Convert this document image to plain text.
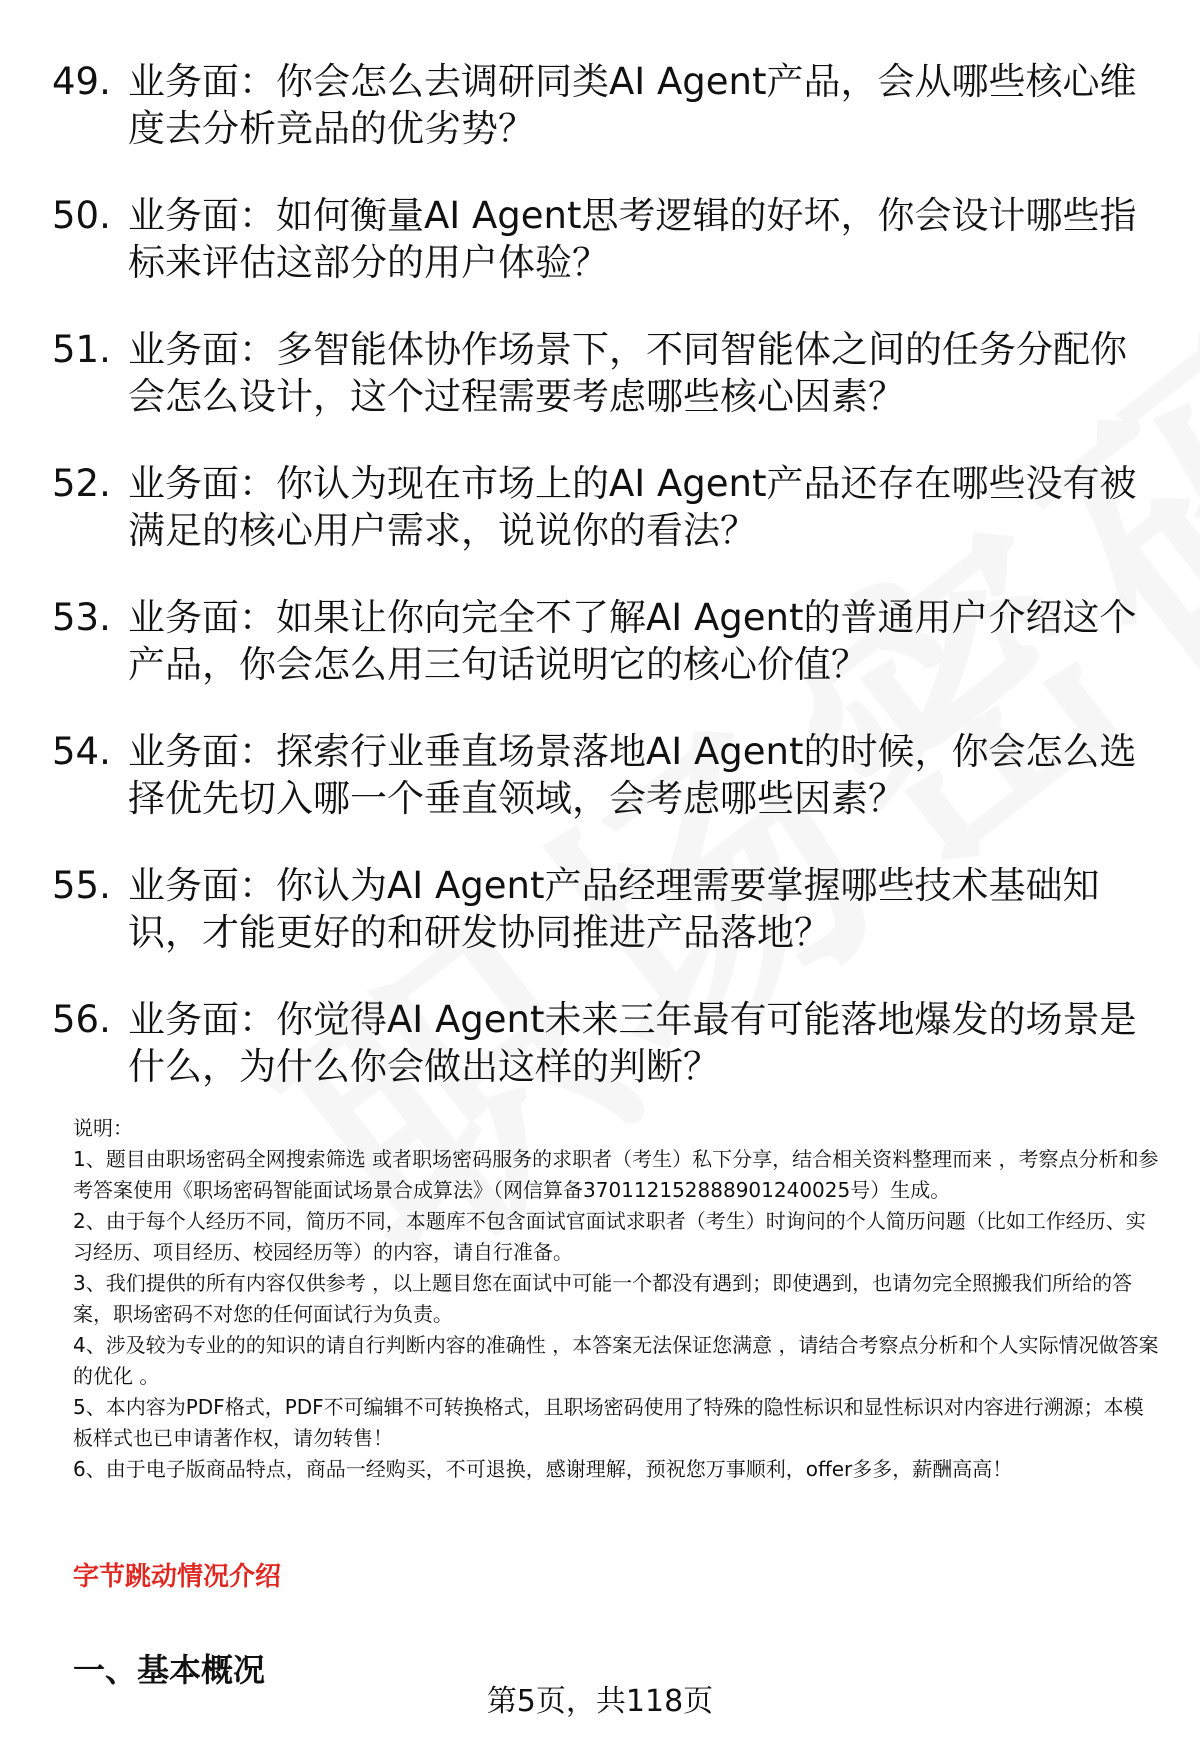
49. 业务面：你会怎么去调研同类AI Agent产品，会从哪些核心维度去分析竞品的优劣势？
50. 业务面：如何衡量AI Agent思考逻辑的好坏，你会设计哪些指标来评估这部分的用户体验？
51. 业务面：多智能体协作场景下，不同智能体之间的任务分配你会怎么设计，这个过程需要考虑哪些核心因素？
52. 业务面：你认为现在市场上的AI Agent产品还存在哪些没有被满足的核心用户需求，说说你的看法？
53. 业务面：如果让你向完全不了解AI Agent的普通用户介绍这个产品，你会怎么用三句话说明它的核心价值？
54. 业务面：探索行业垂直场景落地AI Agent的时候，你会怎么选择优先切入哪一个垂直领域，会考虑哪些因素？
55. 业务面：你认为AI Agent产品经理需要掌握哪些技术基础知识，才能更好的和研发协同推进产品落地？
56. 业务面：你觉得AI Agent未来三年最有可能落地爆发的场景是什么，为什么你会做出这样的判断？

说明：

1、题目由职场密码全网搜索筛选 或者职场密码服务的求职者（考生）私下分享，结合相关资料整理而来 ，考察点分析和参考答案使用《职场密码智能面试场景合成算法》（网信算备370112152888901240025号）生成。

2、由于每个人经历不同，简历不同，本题库不包含面试官面试求职者（考生）时询问的个人简历问题（比如工作经历、实习经历、项目经历、校园经历等）的内容，请自行准备。

3、我们提供的所有内容仅供参考 ，以上题目您在面试中可能一个都没有遇到；即使遇到，也请勿完全照搬我们所给的答案，职场密码不对您的任何面试行为负责。

4、涉及较为专业的的知识的请自行判断内容的准确性 ，本答案无法保证您满意 ，请结合考察点分析和个人实际情况做答案的优化 。

5、本内容为PDF格式，PDF不可编辑不可转换格式，且职场密码使用了特殊的隐性标识和显性标识对内容进行溯源；本模板样式也已申请著作权，请勿转售！

6、由于电子版商品特点，商品一经购买，不可退换，感谢理解，预祝您万事顺利，offer多多，薪酬高高！

字节跳动情况介绍
一、基本概况
第5页，共118页
